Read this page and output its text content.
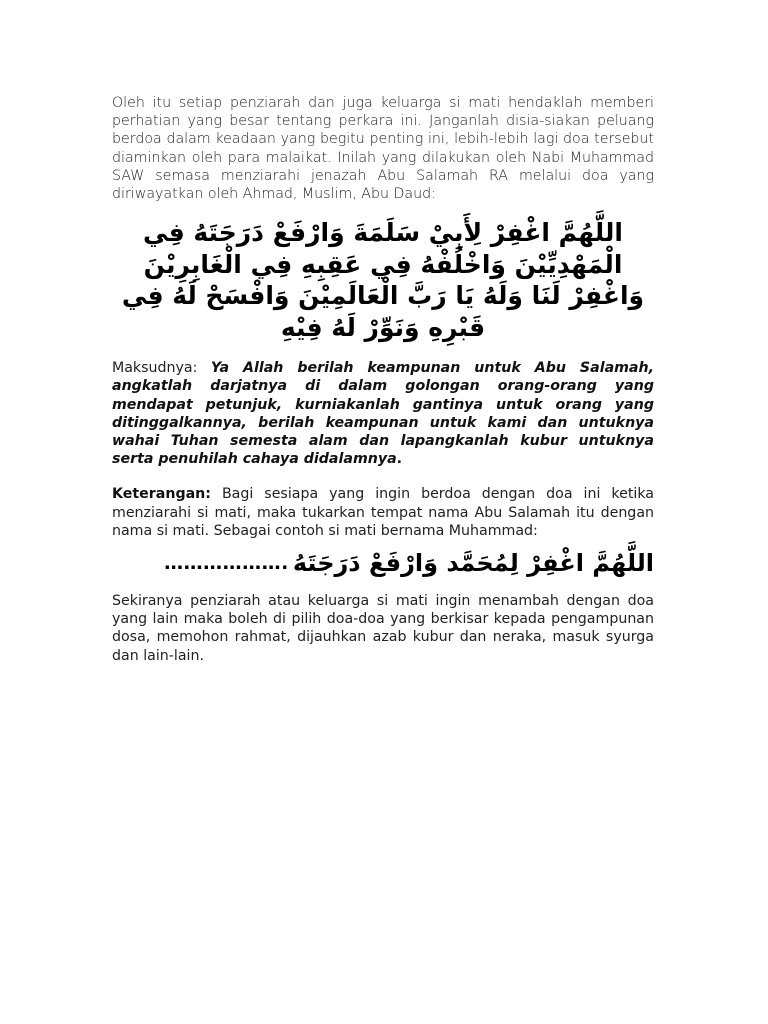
Oleh itu setiap penziarah dan juga keluarga si mati hendaklah memberi perhatian yang besar tentang perkara ini. Janganlah disia-siakan peluang berdoa dalam keadaan yang begitu penting ini, lebih-lebih lagi doa tersebut diaminkan oleh para malaikat. Inilah yang dilakukan oleh Nabi Muhammad SAW semasa menziarahi jenazah Abu Salamah RA melalui doa yang diriwayatkan oleh Ahmad, Muslim, Abu Daud:

اللَّهُمَّ اغْفِرْ لِأَبِيْ سَلَمَةَ وَارْفَعْ دَرَجَتَهُ فِي الْمَهْدِيِّيْنَ وَاخْلُفْهُ فِي عَقِبِهِ فِي الْغَابِرِيْنَ وَاغْفِرْ لَنَا وَلَهُ يَا رَبَّ الْعَالَمِيْنَ وَافْسَحْ لَهُ فِي قَبْرِهِ وَنَوِّرْ لَهُ فِيْهِ

Maksudnya: Ya Allah berilah keampunan untuk Abu Salamah, angkatlah darjatnya di dalam golongan orang-orang yang mendapat petunjuk, kurniakanlah gantinya untuk orang yang ditinggalkannya, berilah keampunan untuk kami dan untuknya wahai Tuhan semesta alam dan lapangkanlah kubur untuknya serta penuhilah cahaya didalamnya.

Keterangan: Bagi sesiapa yang ingin berdoa dengan doa ini ketika menziarahi si mati, maka tukarkan tempat nama Abu Salamah itu dengan nama si mati. Sebagai contoh si mati bernama Muhammad:

………………. اللَّهُمَّ اغْفِرْ لِمُحَمَّد وَارْفَعْ دَرَجَتَهُ

Sekiranya penziarah atau keluarga si mati ingin menambah dengan doa yang lain maka boleh di pilih doa-doa yang berkisar kepada pengampunan dosa, memohon rahmat, dijauhkan azab kubur dan neraka, masuk syurga dan lain-lain.
